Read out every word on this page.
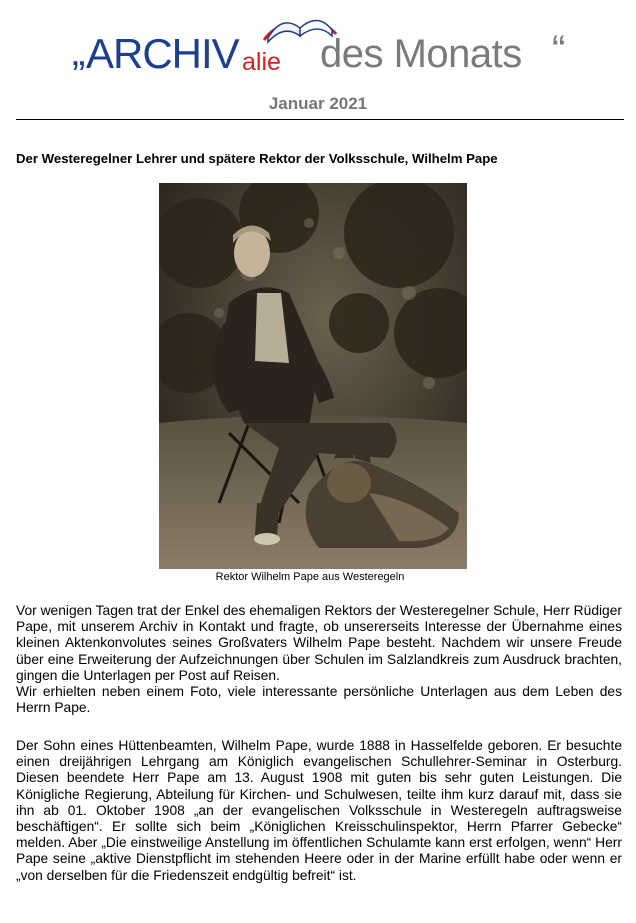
„ ARCHIV alie des Monats “
Januar 2021
Der Westeregelner Lehrer und spätere Rektor der Volksschule, Wilhelm Pape
Rektor Wilhelm Pape aus Westeregeln
Vor wenigen Tagen trat der Enkel des ehemaligen Rektors der Westeregelner Schule, Herr Rüdiger Pape, mit unserem Archiv in Kontakt und fragte, ob unsererseits Interesse der Übernahme eines kleinen Aktenkonvolutes seines Großvaters Wilhelm Pape besteht. Nachdem wir unsere Freude über eine Erweiterung der Aufzeichnungen über Schulen im Salzlandkreis zum Ausdruck brachten, gingen die Unterlagen per Post auf Reisen.
Wir erhielten neben einem Foto, viele interessante persönliche Unterlagen aus dem Leben des Herrn Pape.
Der Sohn eines Hüttenbeamten, Wilhelm Pape, wurde 1888 in Hasselfelde geboren. Er besuchte einen dreijährigen Lehrgang am Königlich evangelischen Schullehrer-Seminar in Osterburg. Diesen beendete Herr Pape am 13. August 1908 mit guten bis sehr guten Leistungen. Die Königliche Regierung, Abteilung für Kirchen- und Schulwesen, teilte ihm kurz darauf mit, dass sie ihn ab 01. Oktober 1908 „an der evangelischen Volksschule in Westeregeln auftragsweise beschäftigen“. Er sollte sich beim „Königlichen Kreisschulinspektor, Herrn Pfarrer Gebecke“ melden. Aber „Die einstweilige Anstellung im öffentlichen Schulamte kann erst erfolgen, wenn“ Herr Pape seine „aktive Dienstpflicht im stehenden Heere oder in der Marine erfüllt habe oder wenn er „von derselben für die Friedenszeit endgültig befreit“ ist.
